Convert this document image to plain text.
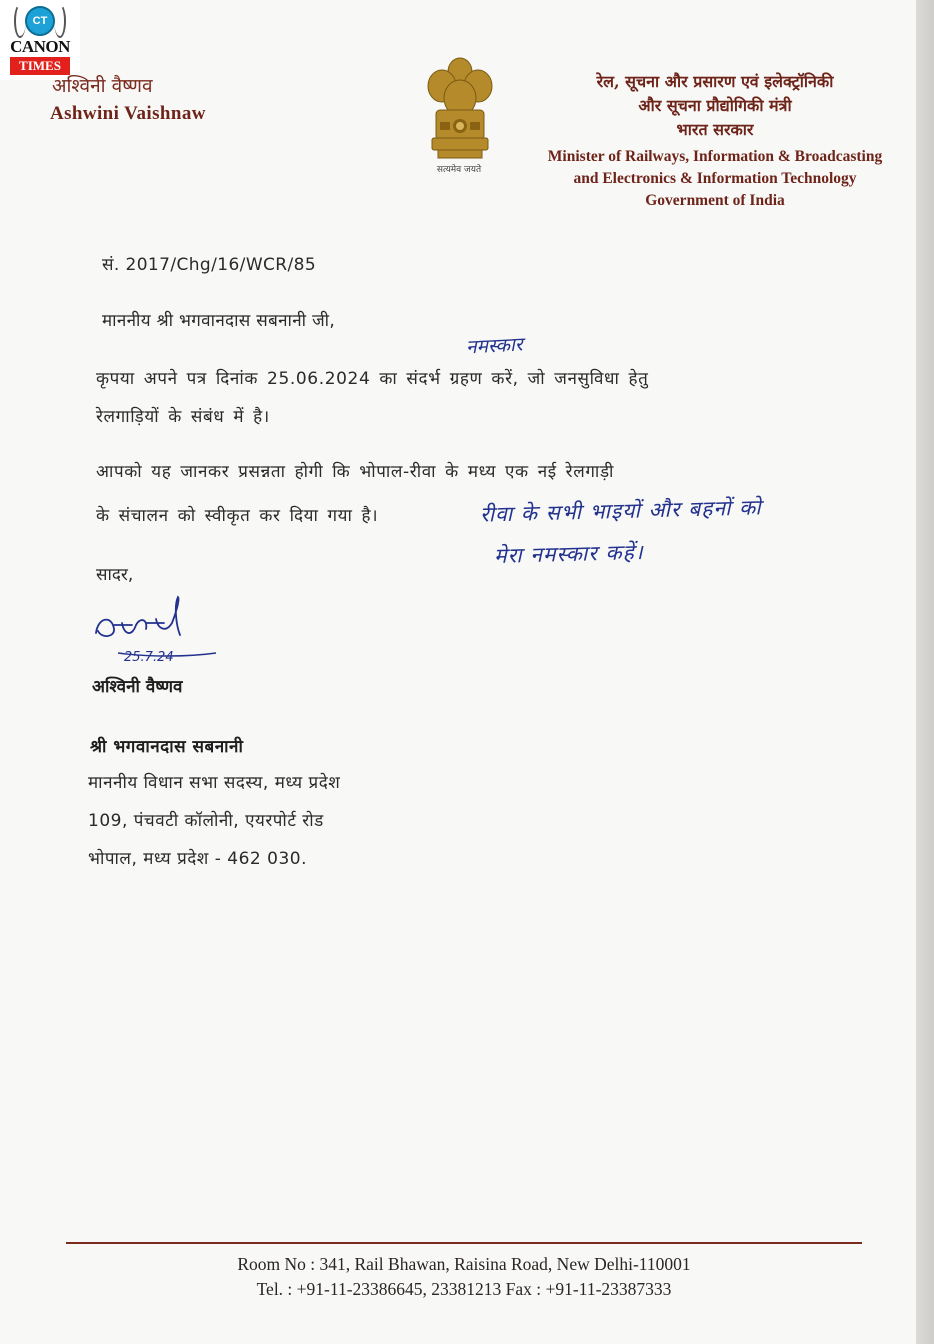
CT
CANON
TIMES
अश्विनी वैष्णव
Ashwini Vaishnaw
सत्यमेव जयते
रेल, सूचना और प्रसारण एवं इलेक्ट्रॉनिकी
और सूचना प्रौद्योगिकी मंत्री
भारत सरकार
Minister of Railways, Information & Broadcasting
and Electronics & Information Technology
Government of India
सं. 2017/Chg/16/WCR/85
माननीय श्री भगवानदास सबनानी जी,
नमस्कार
कृपया अपने पत्र दिनांक 25.06.2024 का संदर्भ ग्रहण करें, जो जनसुविधा हेतु
रेलगाड़ियों के संबंध में है।
आपको यह जानकर प्रसन्नता होगी कि भोपाल-रीवा के मध्य एक नई रेलगाड़ी
के संचालन को स्वीकृत कर दिया गया है।	रीवा के सभी भाइयों और बहनों को
मेरा नमस्कार कहें।
सादर,
25.7.24
अश्विनी वैष्णव
श्री भगवानदास सबनानी
माननीय विधान सभा सदस्य, मध्य प्रदेश
109, पंचवटी कॉलोनी, एयरपोर्ट रोड
भोपाल, मध्य प्रदेश - 462 030.
Room No : 341, Rail Bhawan, Raisina Road, New Delhi-110001
Tel. : +91-11-23386645, 23381213 Fax : +91-11-23387333
